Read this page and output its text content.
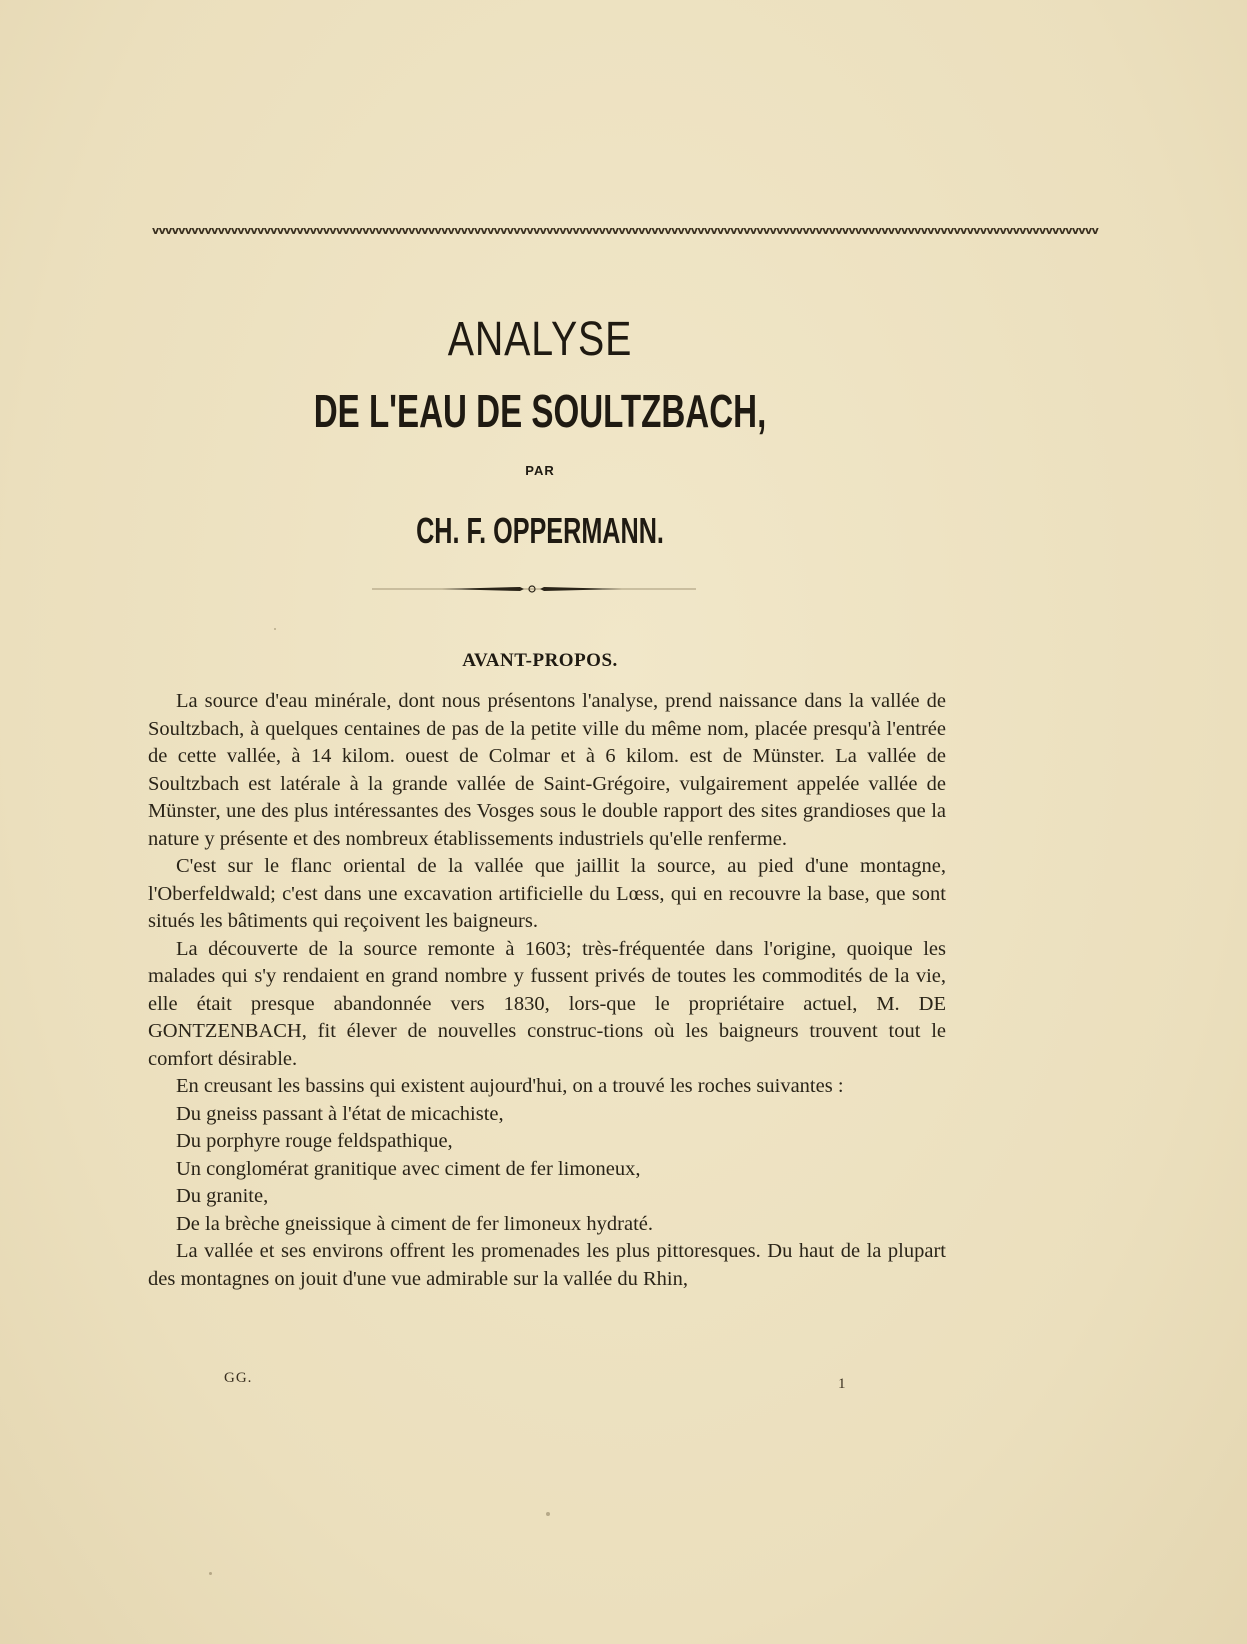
vvvvvvvvvvvvvvvvvvvvvvvvvvvvvvvvvvvvvvvvvvvvvvvvvvvvvvvvvvvvvvvvvvvvvvvvvvvvvvvvvvvvvvvvvvvvvvvvvvvvvvvvvvvvvvvvvvvvvvvvvvvvvvvvvvvvvvvvvvvvvvvv
ANALYSE
DE L'EAU DE SOULTZBACH,
PAR
CH. F. OPPERMANN.
AVANT-PROPOS.

La source d'eau minérale, dont nous présentons l'analyse, prend naissance dans la vallée de Soultzbach, à quelques centaines de pas de la petite ville du même nom, placée presqu'à l'entrée de cette vallée, à 14 kilom. ouest de Colmar et à 6 kilom. est de Münster. La vallée de Soultzbach est latérale à la grande vallée de Saint-Grégoire, vulgairement appelée vallée de Münster, une des plus intéressantes des Vosges sous le double rapport des sites grandioses que la nature y présente et des nombreux établissements industriels qu'elle renferme.

C'est sur le flanc oriental de la vallée que jaillit la source, au pied d'une montagne, l'Oberfeldwald; c'est dans une excavation artificielle du Lœss, qui en recouvre la base, que sont situés les bâtiments qui reçoivent les baigneurs.

La découverte de la source remonte à 1603; très-fréquentée dans l'origine, quoique les malades qui s'y rendaient en grand nombre y fussent privés de toutes les commodités de la vie, elle était presque abandonnée vers 1830, lors-que le propriétaire actuel, M. DE GONTZENBACH, fit élever de nouvelles construc-tions où les baigneurs trouvent tout le comfort désirable.

En creusant les bassins qui existent aujourd'hui, on a trouvé les roches suivantes :

Du gneiss passant à l'état de micachiste,
Du porphyre rouge feldspathique,
Un conglomérat granitique avec ciment de fer limoneux,
Du granite,
De la brèche gneissique à ciment de fer limoneux hydraté.

La vallée et ses environs offrent les promenades les plus pittoresques. Du haut de la plupart des montagnes on jouit d'une vue admirable sur la vallée du Rhin,

GG.	1
